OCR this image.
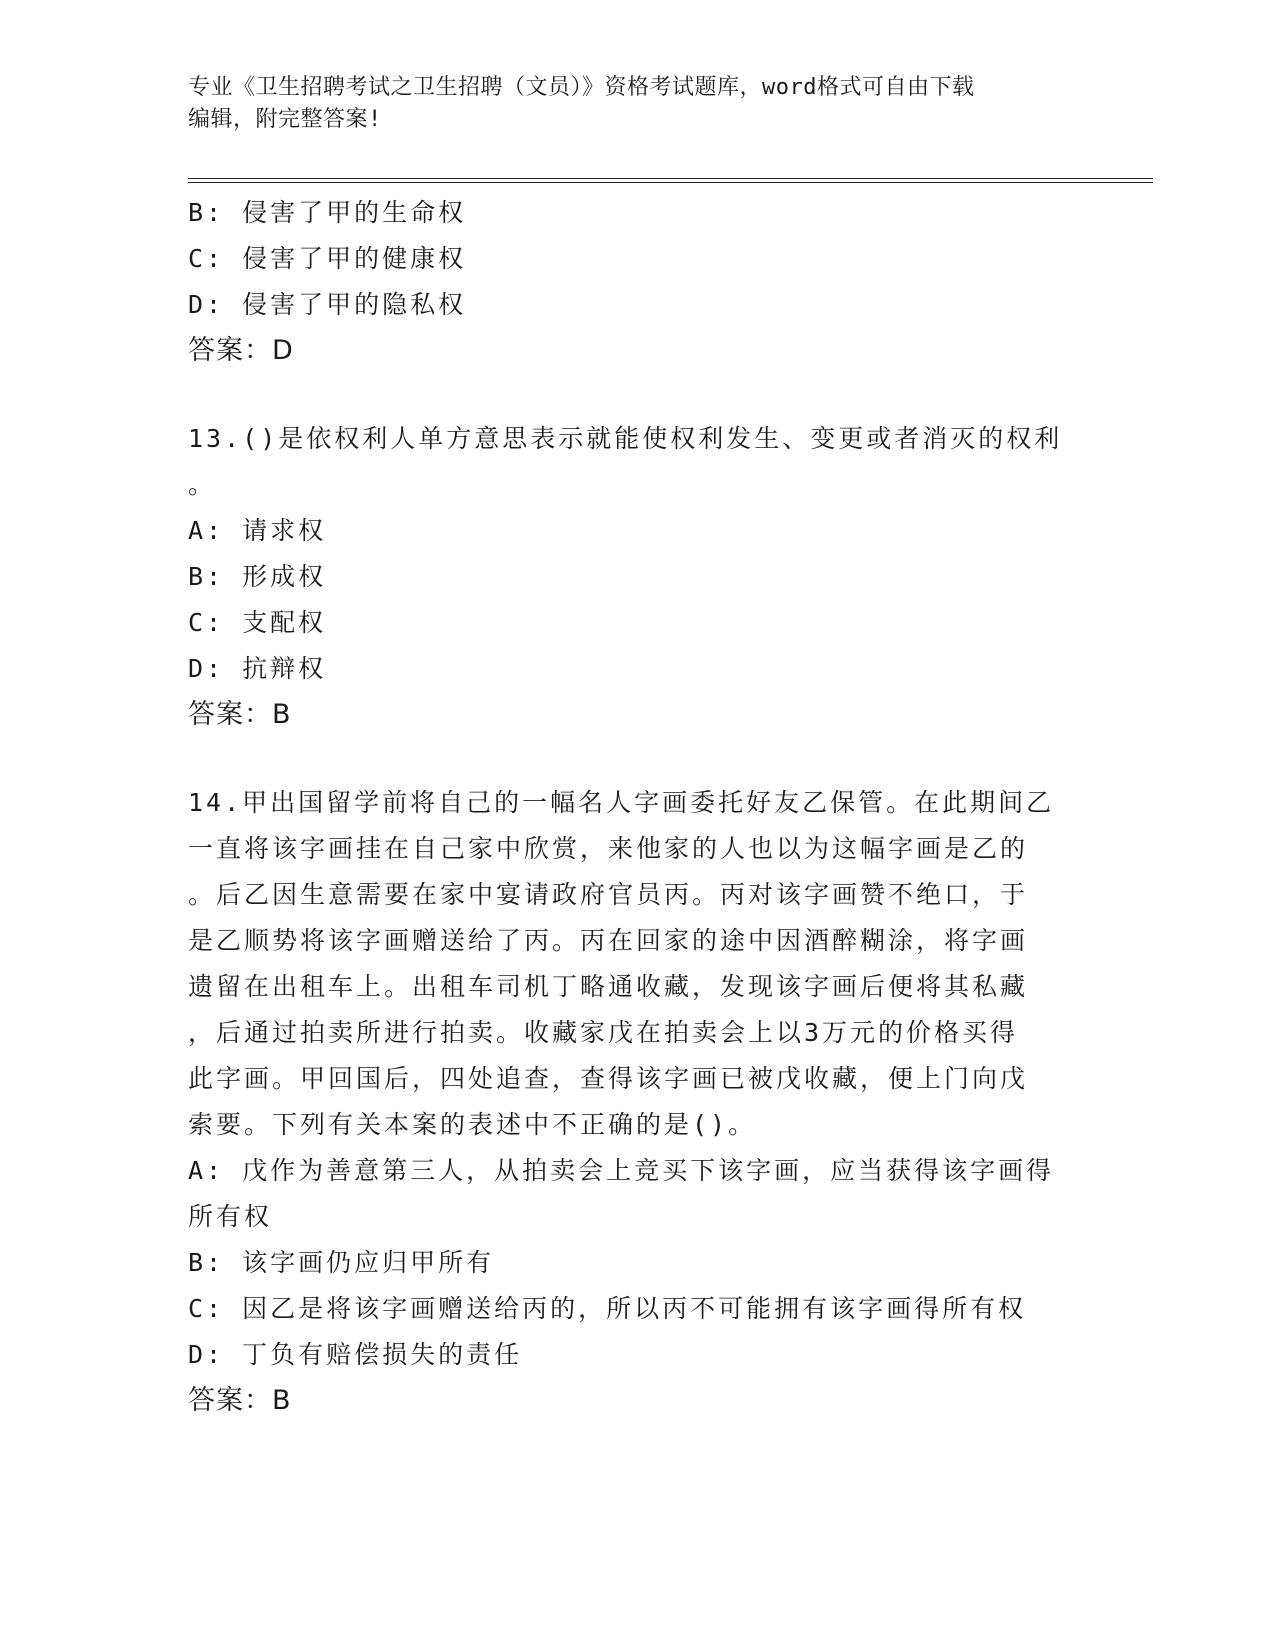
专业《卫生招聘考试之卫生招聘（文员）》资格考试题库，word格式可自由下载
编辑，附完整答案!
B: 侵害了甲的生命权
C: 侵害了甲的健康权
D: 侵害了甲的隐私权
答案：D
13.()是依权利人单方意思表示就能使权利发生、变更或者消灭的权利
。
A: 请求权
B: 形成权
C: 支配权
D: 抗辩权
答案：B
14.甲出国留学前将自己的一幅名人字画委托好友乙保管。在此期间乙
一直将该字画挂在自己家中欣赏，来他家的人也以为这幅字画是乙的
。后乙因生意需要在家中宴请政府官员丙。丙对该字画赞不绝口，于
是乙顺势将该字画赠送给了丙。丙在回家的途中因酒醉糊涂，将字画
遗留在出租车上。出租车司机丁略通收藏，发现该字画后便将其私藏
，后通过拍卖所进行拍卖。收藏家戊在拍卖会上以3万元的价格买得
此字画。甲回国后，四处追查，查得该字画已被戊收藏，便上门向戊
索要。下列有关本案的表述中不正确的是()。
A: 戊作为善意第三人，从拍卖会上竞买下该字画，应当获得该字画得
所有权
B: 该字画仍应归甲所有
C: 因乙是将该字画赠送给丙的，所以丙不可能拥有该字画得所有权
D: 丁负有赔偿损失的责任
答案：B
